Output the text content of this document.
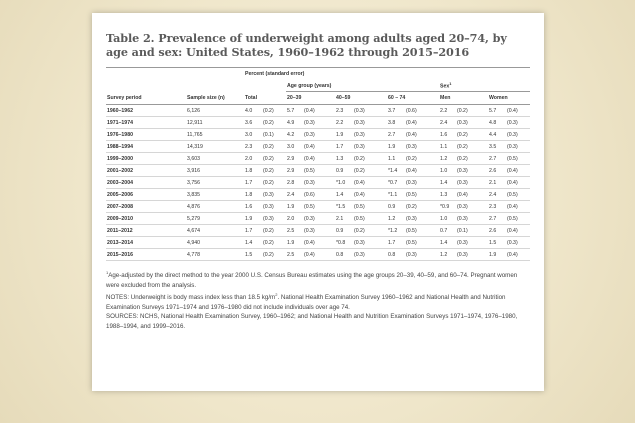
Table 2. Prevalence of underweight among adults aged 20–74, by age and sex: United States, 1960–1962 through 2015–2016
		Percent (standard error)											
				Age group (years)						Sex$^1$
Survey period	Sample size (n)	Total		20–39		40–59		60 – 74		Men		Women	
1960–1962	6,126	4.0	(0.2)	5.7	(0.4)	2.3	(0.3)	3.7	(0.6)	2.2	(0.2)	5.7	(0.4)
1971–1974	12,911	3.6	(0.2)	4.9	(0.3)	2.2	(0.3)	3.8	(0.4)	2.4	(0.3)	4.8	(0.3)
1976–1980	11,765	3.0	(0.1)	4.2	(0.3)	1.9	(0.3)	2.7	(0.4)	1.6	(0.2)	4.4	(0.3)
1988–1994	14,319	2.3	(0.2)	3.0	(0.4)	1.7	(0.3)	1.9	(0.3)	1.1	(0.2)	3.5	(0.3)
1999–2000	3,603	2.0	(0.2)	2.9	(0.4)	1.3	(0.2)	1.1	(0.2)	1.2	(0.2)	2.7	(0.5)
2001–2002	3,916	1.8	(0.2)	2.9	(0.5)	0.9	(0.2)	*1.4	(0.4)	1.0	(0.3)	2.6	(0.4)
2003–2004	3,756	1.7	(0.2)	2.8	(0.3)	*1.0	(0.4)	*0.7	(0.3)	1.4	(0.3)	2.1	(0.4)
2005–2006	3,835	1.8	(0.3)	2.4	(0.6)	1.4	(0.4)	*1.1	(0.5)	1.3	(0.4)	2.4	(0.5)
2007–2008	4,876	1.6	(0.3)	1.9	(0.5)	*1.5	(0.5)	0.9	(0.2)	*0.9	(0.3)	2.3	(0.4)
2009–2010	5,279	1.9	(0.3)	2.0	(0.3)	2.1	(0.5)	1.2	(0.3)	1.0	(0.3)	2.7	(0.5)
2011–2012	4,674	1.7	(0.2)	2.5	(0.3)	0.9	(0.2)	*1.2	(0.5)	0.7	(0.1)	2.6	(0.4)
2013–2014	4,940	1.4	(0.2)	1.9	(0.4)	*0.8	(0.3)	1.7	(0.5)	1.4	(0.3)	1.5	(0.3)
2015–2016	4,778	1.5	(0.2)	2.5	(0.4)	0.8	(0.3)	0.8	(0.3)	1.2	(0.3)	1.9	(0.4)

$^1$Age-adjusted by the direct method to the year 2000 U.S. Census Bureau estimates using the age groups 20–39, 40–59, and 60–74. Pregnant women were excluded from the analysis.

NOTES: Underweight is body mass index less than 18.5 $kg/m^2$. National Health Examination Survey 1960–1962 and National Health and Nutrition Examination Surveys 1971–1974 and 1976–1980 did not include individuals over age 74.

SOURCES: NCHS, National Health Examination Survey, 1960–1962; and National Health and Nutrition Examination Surveys 1971–1974, 1976–1980, 1988–1994, and 1999–2016.
